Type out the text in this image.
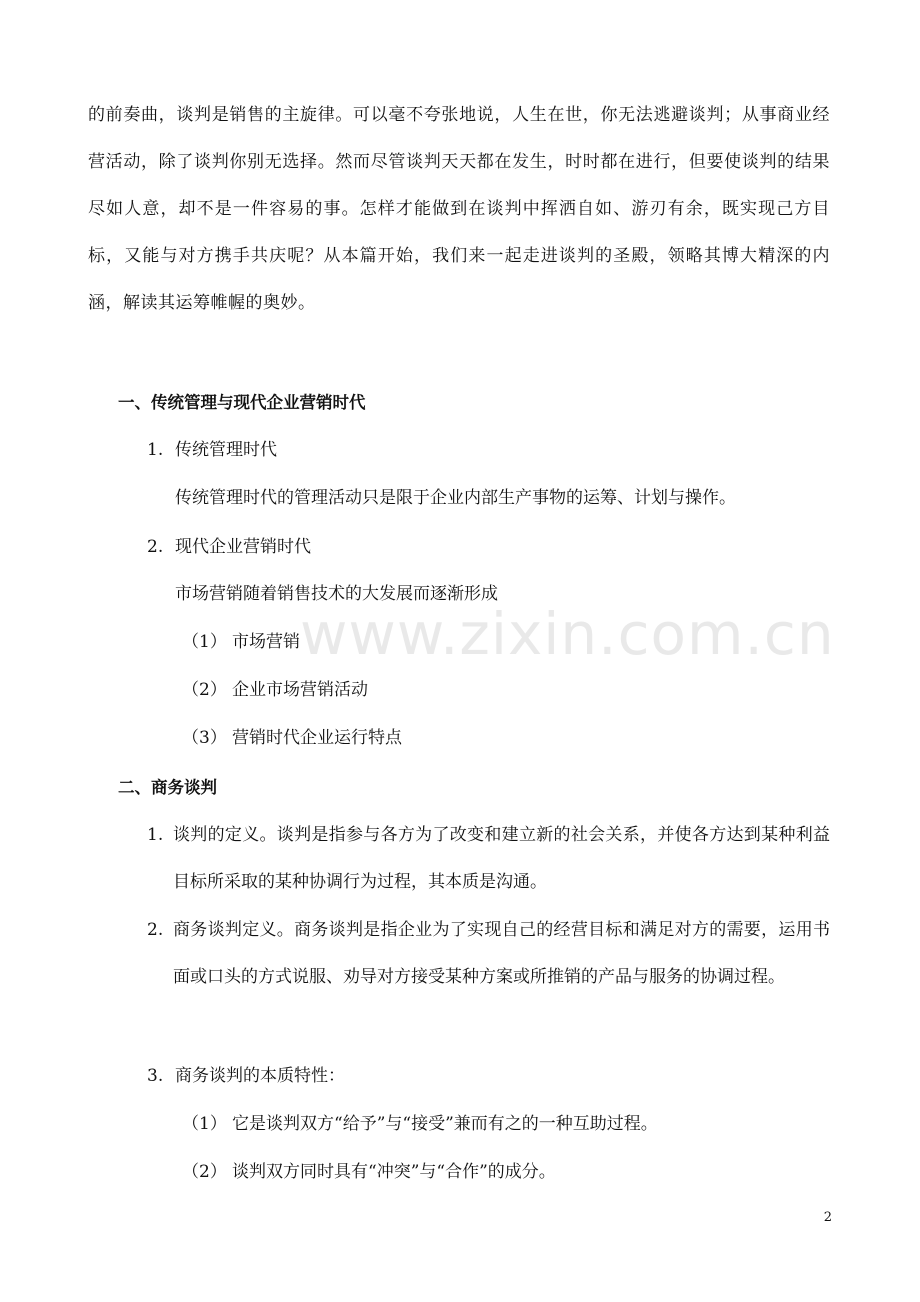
www.zixin.com.cn

的前奏曲，谈判是销售的主旋律。可以毫不夸张地说，人生在世，你无法逃避谈判；从事商业经营活动，除了谈判你别无选择。然而尽管谈判天天都在发生，时时都在进行，但要使谈判的结果尽如人意，却不是一件容易的事。怎样才能做到在谈判中挥洒自如、游刃有余，既实现己方目标，又能与对方携手共庆呢？从本篇开始，我们来一起走进谈判的圣殿，领略其博大精深的内涵，解读其运筹帷幄的奥妙。

一、传统管理与现代企业营销时代
1. 传统管理时代
传统管理时代的管理活动只是限于企业内部生产事物的运筹、计划与操作。
2. 现代企业营销时代
市场营销随着销售技术的大发展而逐渐形成
（1） 市场营销
（2） 企业市场营销活动
（3） 营销时代企业运行特点
二、商务谈判
1. 谈判的定义。谈判是指参与各方为了改变和建立新的社会关系，并使各方达到某种利益目标所采取的某种协调行为过程，其本质是沟通。
2. 商务谈判定义。商务谈判是指企业为了实现自己的经营目标和满足对方的需要，运用书面或口头的方式说服、劝导对方接受某种方案或所推销的产品与服务的协调过程。
3. 商务谈判的本质特性：
（1） 它是谈判双方“给予”与“接受”兼而有之的一种互助过程。
（2） 谈判双方同时具有“冲突”与“合作”的成分。
2
